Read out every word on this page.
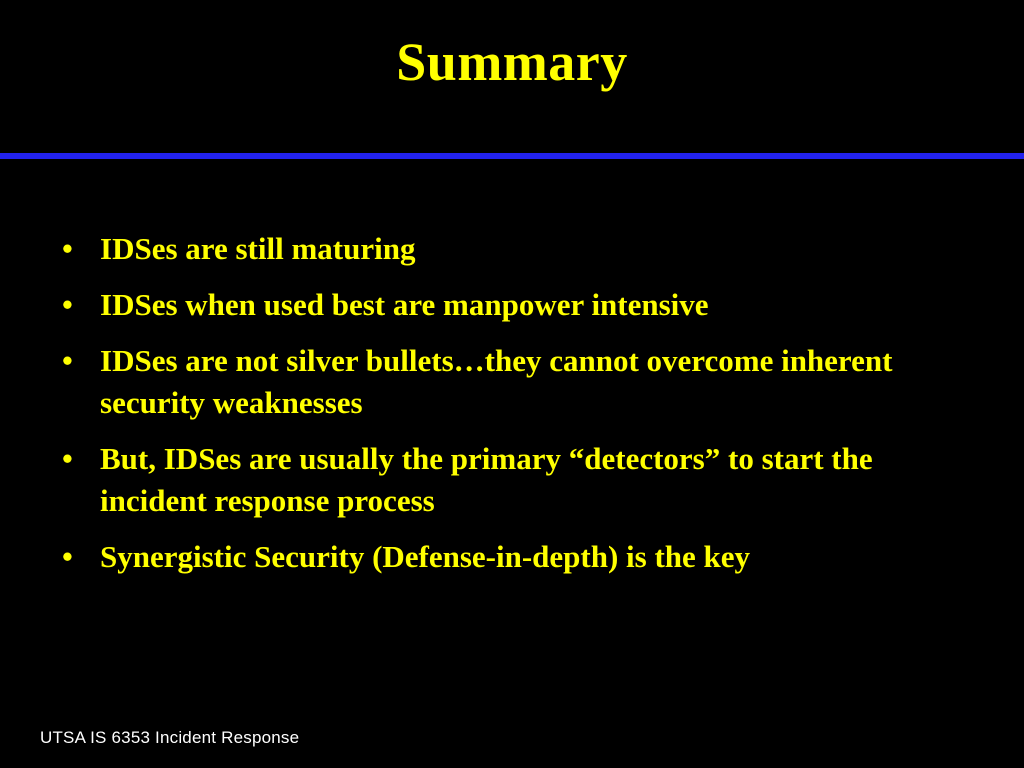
Summary
• IDSes are still maturing
• IDSes when used best are manpower intensive
• IDSes are not silver bullets…they cannot overcome inherent security weaknesses
• But, IDSes are usually the primary “detectors” to start the incident response process
• Synergistic Security (Defense-in-depth) is the key
UTSA IS 6353 Incident Response
